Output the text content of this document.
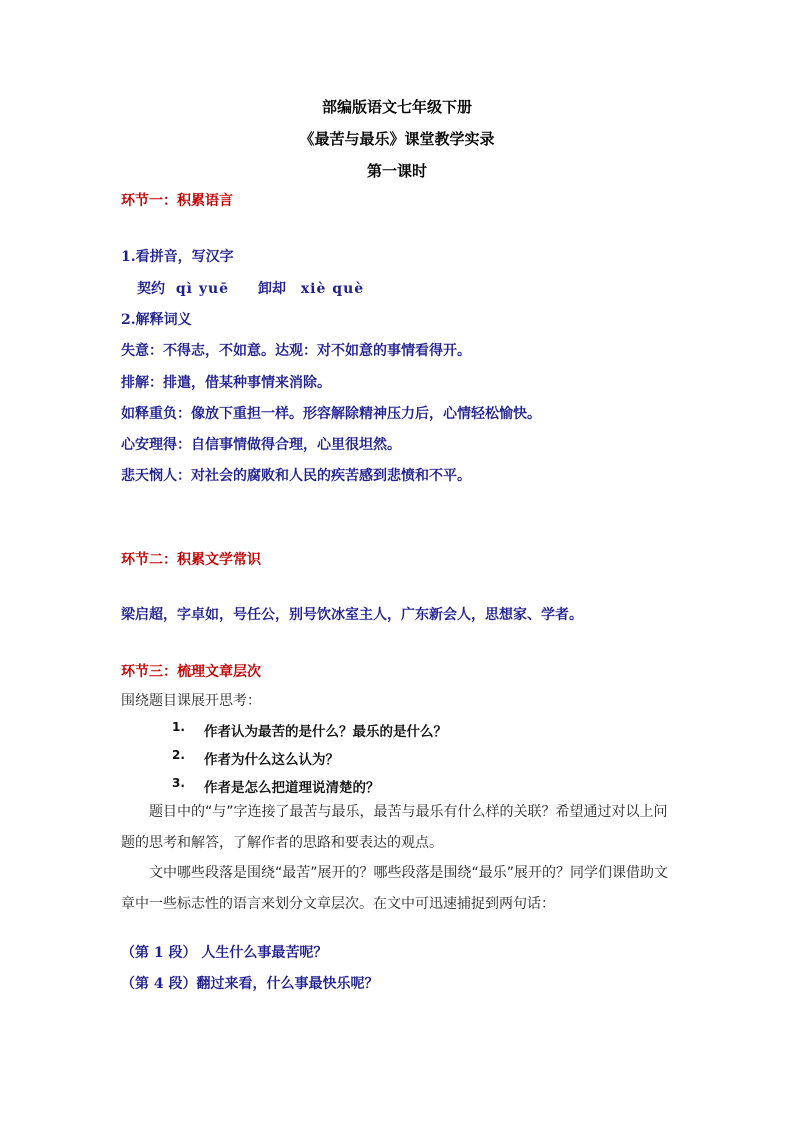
部编版语文七年级下册
《最苦与最乐》课堂教学实录
第一课时
环节一：积累语言
1.看拼音，写汉字
契约 qì yuē 卸却 xiè què
2.解释词义
失意：不得志，不如意。达观：对不如意的事情看得开。
排解：排遣，借某种事情来消除。
如释重负：像放下重担一样。形容解除精神压力后，心情轻松愉快。
心安理得：自信事情做得合理，心里很坦然。
悲天悯人：对社会的腐败和人民的疾苦感到悲愤和不平。
环节二：积累文学常识
梁启超，字卓如，号任公，别号饮冰室主人，广东新会人，思想家、学者。
环节三：梳理文章层次
围绕题目课展开思考：
1. 作者认为最苦的是什么？最乐的是什么？
2. 作者为什么这么认为？
3. 作者是怎么把道理说清楚的？
题目中的“与”字连接了最苦与最乐，最苦与最乐有什么样的关联？希望通过对以上问题的思考和解答，了解作者的思路和要表达的观点。
文中哪些段落是围绕“最苦”展开的？哪些段落是围绕“最乐”展开的？同学们课借助文章中一些标志性的语言来划分文章层次。在文中可迅速捕捉到两句话：
（第 1 段） 人生什么事最苦呢？
（第 4 段）翻过来看，什么事最快乐呢？
